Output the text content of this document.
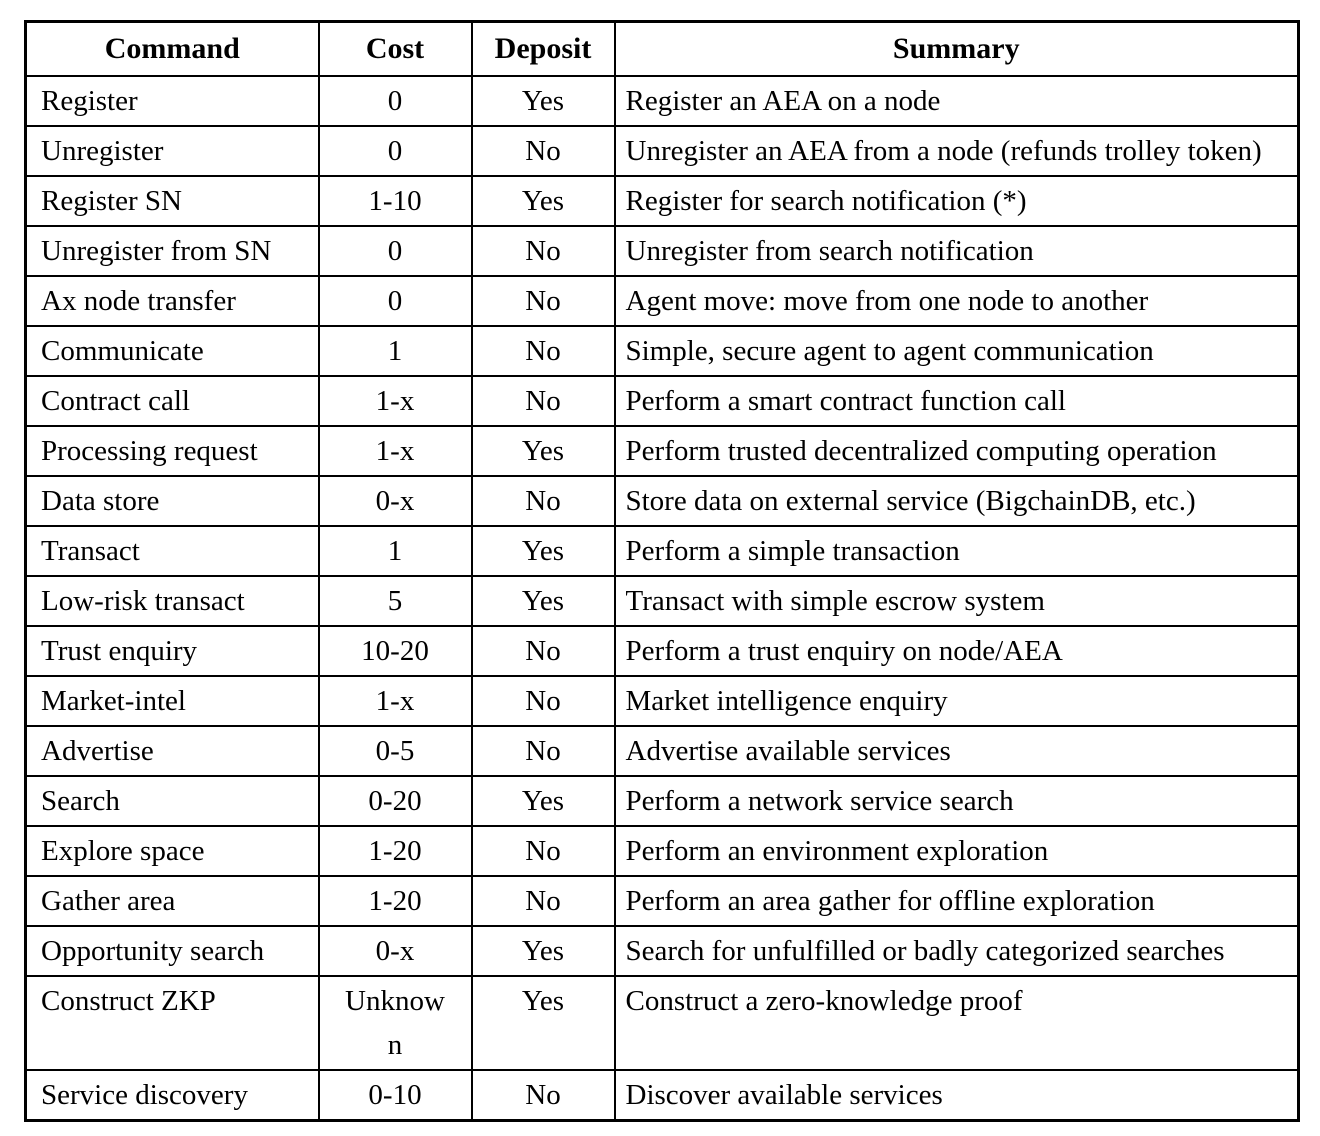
Command	Cost	Deposit	Summary
Register	0	Yes	Register an AEA on a node
Unregister	0	No	Unregister an AEA from a node (refunds trolley token)
Register SN	1-10	Yes	Register for search notification (*)
Unregister from SN	0	No	Unregister from search notification
Ax node transfer	0	No	Agent move: move from one node to another
Communicate	1	No	Simple, secure agent to agent communication
Contract call	1-x	No	Perform a smart contract function call
Processing request	1-x	Yes	Perform trusted decentralized computing operation
Data store	0-x	No	Store data on external service (BigchainDB, etc.)
Transact	1	Yes	Perform a simple transaction
Low-risk transact	5	Yes	Transact with simple escrow system
Trust enquiry	10-20	No	Perform a trust enquiry on node/AEA
Market-intel	1-x	No	Market intelligence enquiry
Advertise	0-5	No	Advertise available services
Search	0-20	Yes	Perform a network service search
Explore space	1-20	No	Perform an environment exploration
Gather area	1-20	No	Perform an area gather for offline exploration
Opportunity search	0-x	Yes	Search for unfulfilled or badly categorized searches
Construct ZKP	Unknown	Yes	Construct a zero-knowledge proof
Service discovery	0-10	No	Discover available services
